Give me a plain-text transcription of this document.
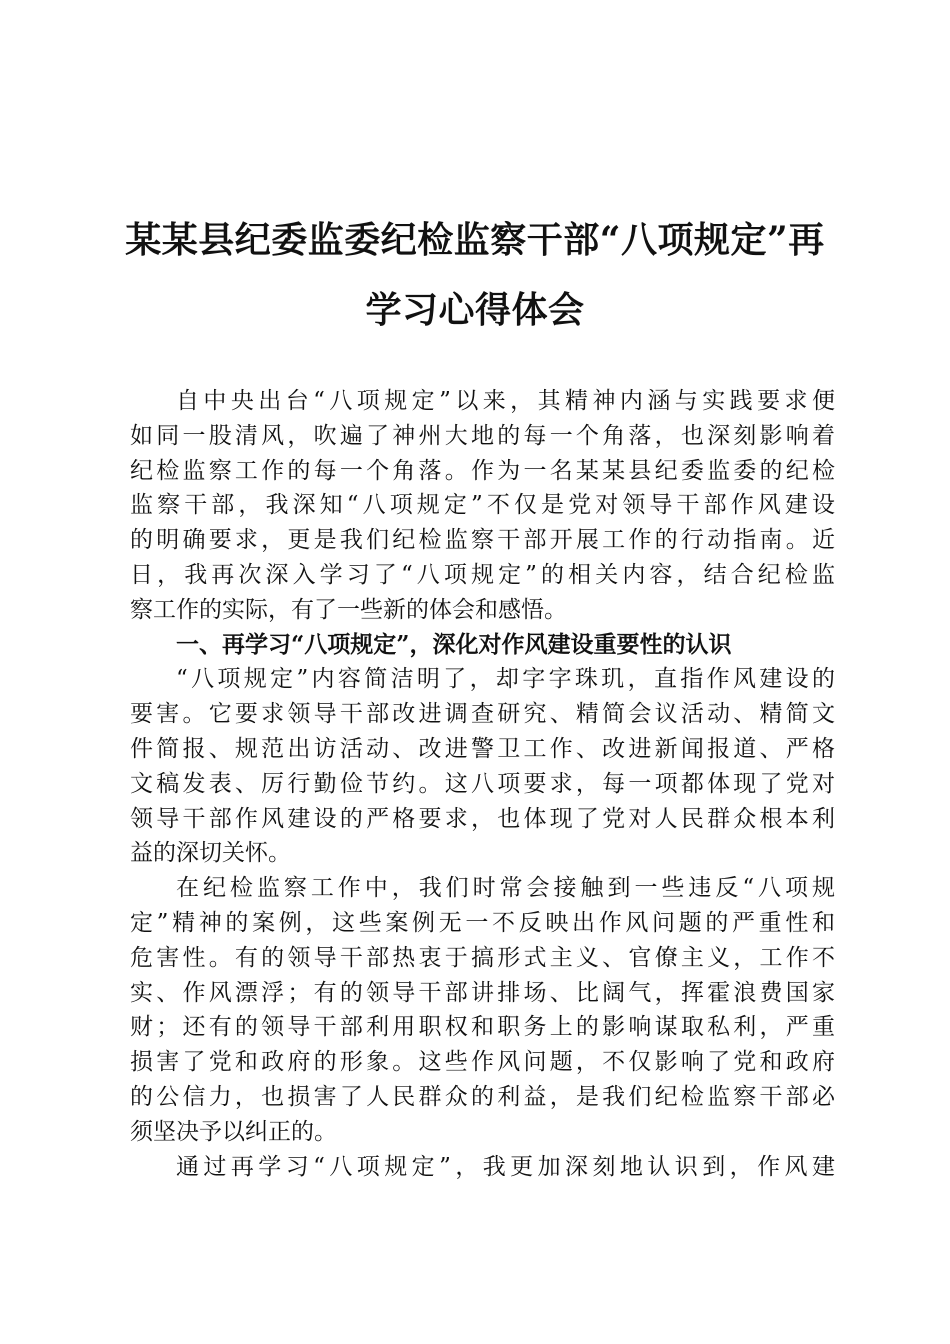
某某县纪委监委纪检监察干部“八项规定”再
学习心得体会
自中央出台“八项规定”以来，其精神内涵与实践要求便
如同一股清风，吹遍了神州大地的每一个角落，也深刻影响着
纪检监察工作的每一个角落。作为一名某某县纪委监委的纪检
监察干部，我深知“八项规定”不仅是党对领导干部作风建设
的明确要求，更是我们纪检监察干部开展工作的行动指南。近
日，我再次深入学习了“八项规定”的相关内容，结合纪检监
察工作的实际，有了一些新的体会和感悟。
一、再学习“八项规定”，深化对作风建设重要性的认识
“八项规定”内容简洁明了，却字字珠玑，直指作风建设的
要害。它要求领导干部改进调查研究、精简会议活动、精简文
件简报、规范出访活动、改进警卫工作、改进新闻报道、严格
文稿发表、厉行勤俭节约。这八项要求，每一项都体现了党对
领导干部作风建设的严格要求，也体现了党对人民群众根本利
益的深切关怀。
在纪检监察工作中，我们时常会接触到一些违反“八项规
定”精神的案例，这些案例无一不反映出作风问题的严重性和
危害性。有的领导干部热衷于搞形式主义、官僚主义，工作不
实、作风漂浮；有的领导干部讲排场、比阔气，挥霍浪费国家
财；还有的领导干部利用职权和职务上的影响谋取私利，严重
损害了党和政府的形象。这些作风问题，不仅影响了党和政府
的公信力，也损害了人民群众的利益，是我们纪检监察干部必
须坚决予以纠正的。
通过再学习“八项规定”，我更加深刻地认识到，作风建
